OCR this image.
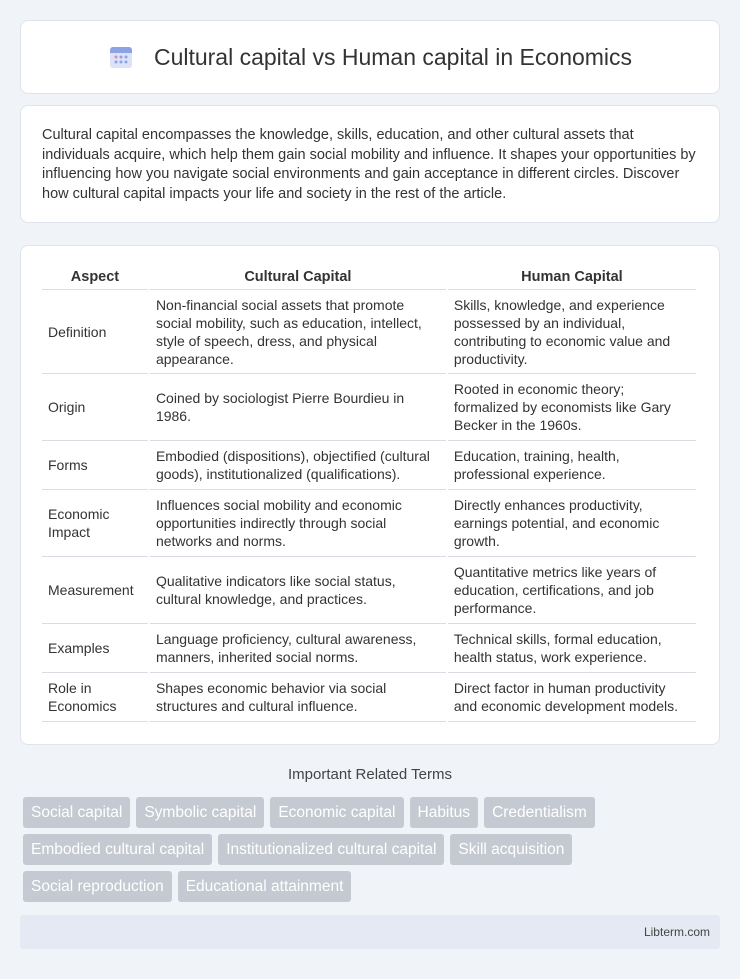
Cultural capital vs Human capital in Economics

Cultural capital encompasses the knowledge, skills, education, and other cultural assets that individuals acquire, which help them gain social mobility and influence. It shapes your opportunities by influencing how you navigate social environments and gain acceptance in different circles. Discover how cultural capital impacts your life and society in the rest of the article.

Aspect	Cultural Capital	Human Capital
Definition	Non-financial social assets that promote social mobility, such as education, intellect, style of speech, dress, and physical appearance.	Skills, knowledge, and experience possessed by an individual, contributing to economic value and productivity.
Origin	Coined by sociologist Pierre Bourdieu in 1986.	Rooted in economic theory; formalized by economists like Gary Becker in the 1960s.
Forms	Embodied (dispositions), objectified (cultural goods), institutionalized (qualifications).	Education, training, health, professional experience.
Economic Impact	Influences social mobility and economic opportunities indirectly through social networks and norms.	Directly enhances productivity, earnings potential, and economic growth.
Measurement	Qualitative indicators like social status, cultural knowledge, and practices.	Quantitative metrics like years of education, certifications, and job performance.
Examples	Language proficiency, cultural awareness, manners, inherited social norms.	Technical skills, formal education, health status, work experience.
Role in Economics	Shapes economic behavior via social structures and cultural influence.	Direct factor in human productivity and economic development models.
Important Related Terms
Social capital	Symbolic capital	Economic capital	Habitus	Credentialism
Embodied cultural capital	Institutionalized cultural capital	Skill acquisition
Social reproduction	Educational attainment
Libterm.com
